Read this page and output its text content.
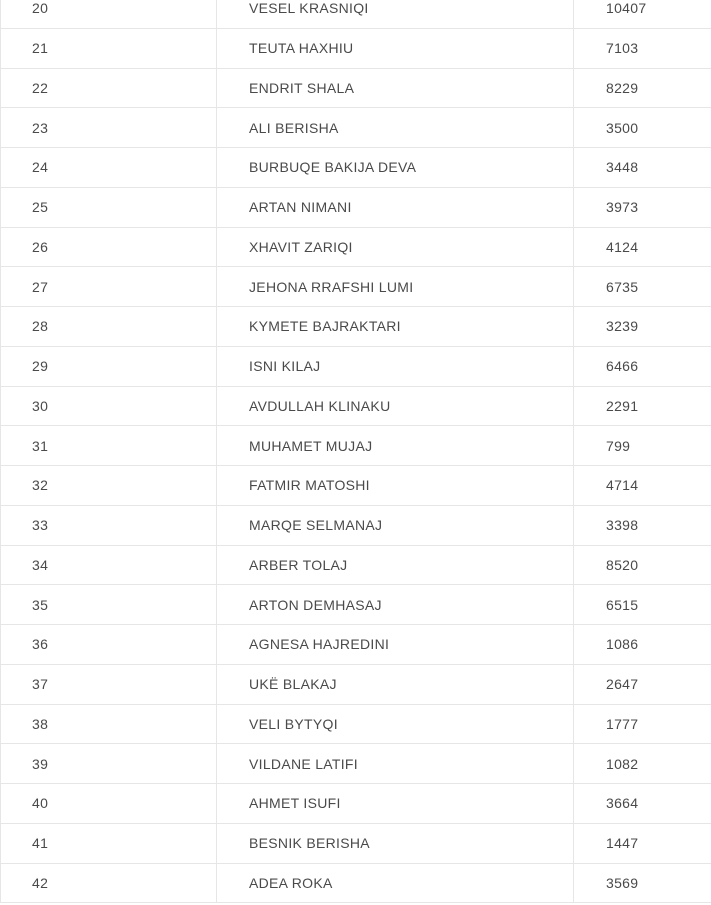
20	VESEL KRASNIQI	10407
21	TEUTA HAXHIU	7103
22	ENDRIT SHALA	8229
23	ALI BERISHA	3500
24	BURBUQE BAKIJA DEVA	3448
25	ARTAN NIMANI	3973
26	XHAVIT ZARIQI	4124
27	JEHONA RRAFSHI LUMI	6735
28	KYMETE BAJRAKTARI	3239
29	ISNI KILAJ	6466
30	AVDULLAH KLINAKU	2291
31	MUHAMET MUJAJ	799
32	FATMIR MATOSHI	4714
33	MARQE SELMANAJ	3398
34	ARBER TOLAJ	8520
35	ARTON DEMHASAJ	6515
36	AGNESA HAJREDINI	1086
37	UKË BLAKAJ	2647
38	VELI BYTYQI	1777
39	VILDANE LATIFI	1082
40	AHMET ISUFI	3664
41	BESNIK BERISHA	1447
42	ADEA ROKA	3569
